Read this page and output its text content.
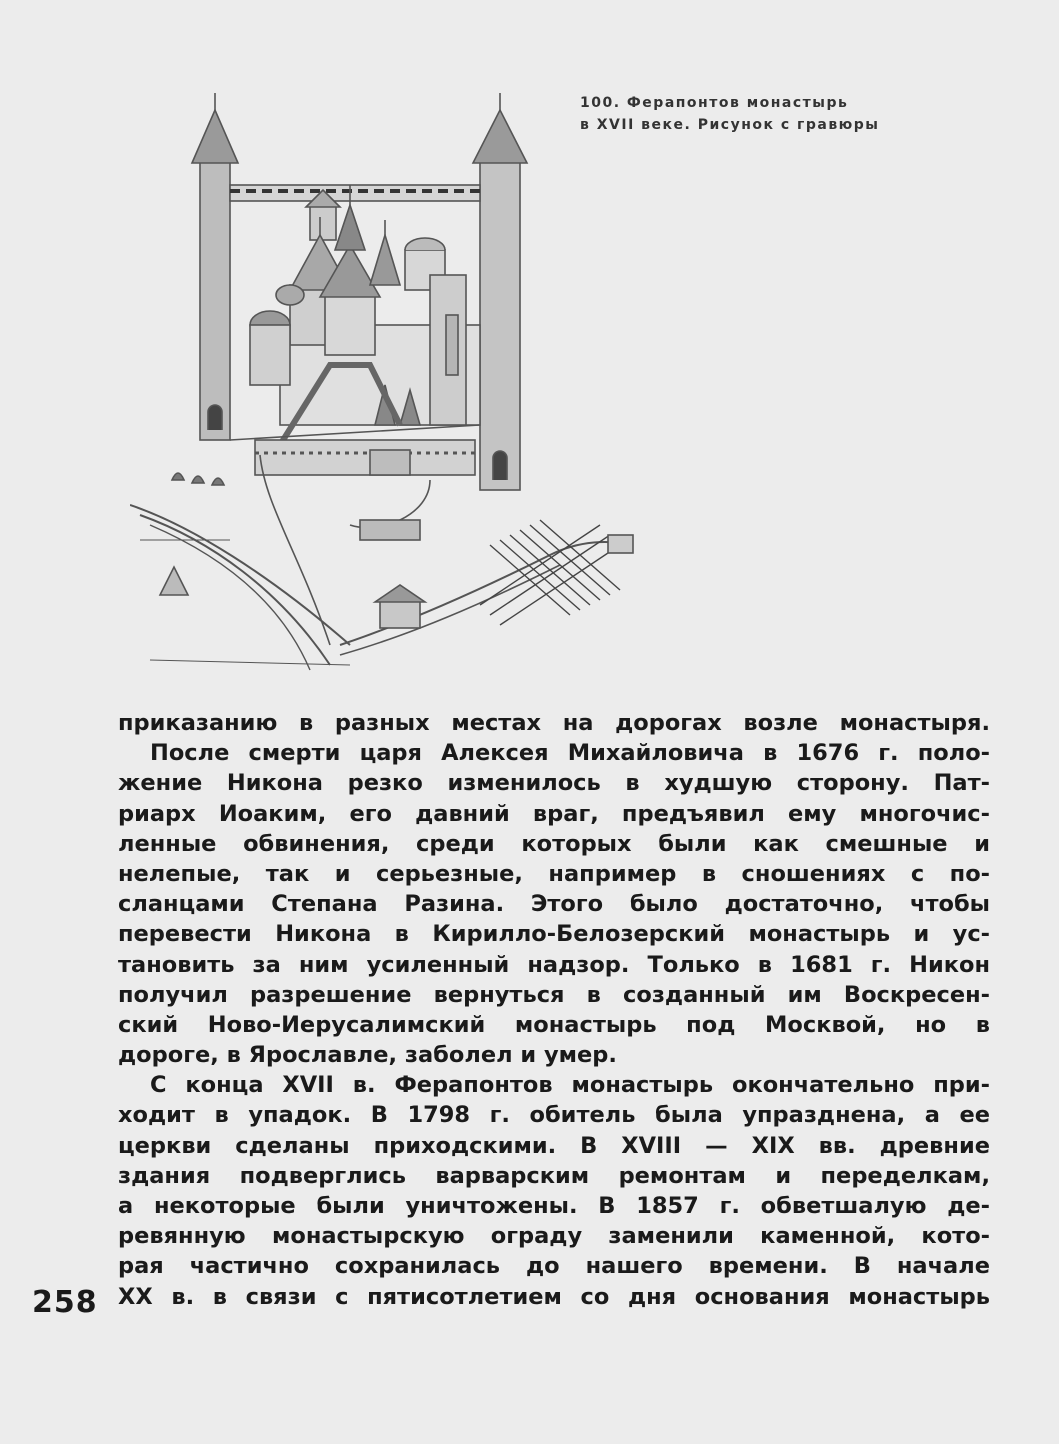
100. Ферапонтов монастырь
в XVII веке. Рисунок с гравюры
приказанию в разных местах на дорогах возле монастыря.
После смерти царя Алексея Михайловича в 1676 г. поло-
жение Никона резко изменилось в худшую сторону. Пат-
риарх Иоаким, его давний враг, предъявил ему многочис-
ленные обвинения, среди которых были как смешные и
нелепые, так и серьезные, например в сношениях с по-
сланцами Степана Разина. Этого было достаточно, чтобы
перевести Никона в Кирилло-Белозерский монастырь и ус-
тановить за ним усиленный надзор. Только в 1681 г. Никон
получил разрешение вернуться в созданный им Воскресен-
ский Ново-Иерусалимский монастырь под Москвой, но в
дороге, в Ярославле, заболел и умер.
С конца XVII в. Ферапонтов монастырь окончательно при-
ходит в упадок. В 1798 г. обитель была упразднена, а ее
церкви сделаны приходскими. В XVIII — XIX вв. древние
здания подверглись варварским ремонтам и переделкам,
а некоторые были уничтожены. В 1857 г. обветшалую де-
ревянную монастырскую ограду заменили каменной, кото-
рая частично сохранилась до нашего времени. В начале
XX в. в связи с пятисотлетием со дня основания монастырь
258
